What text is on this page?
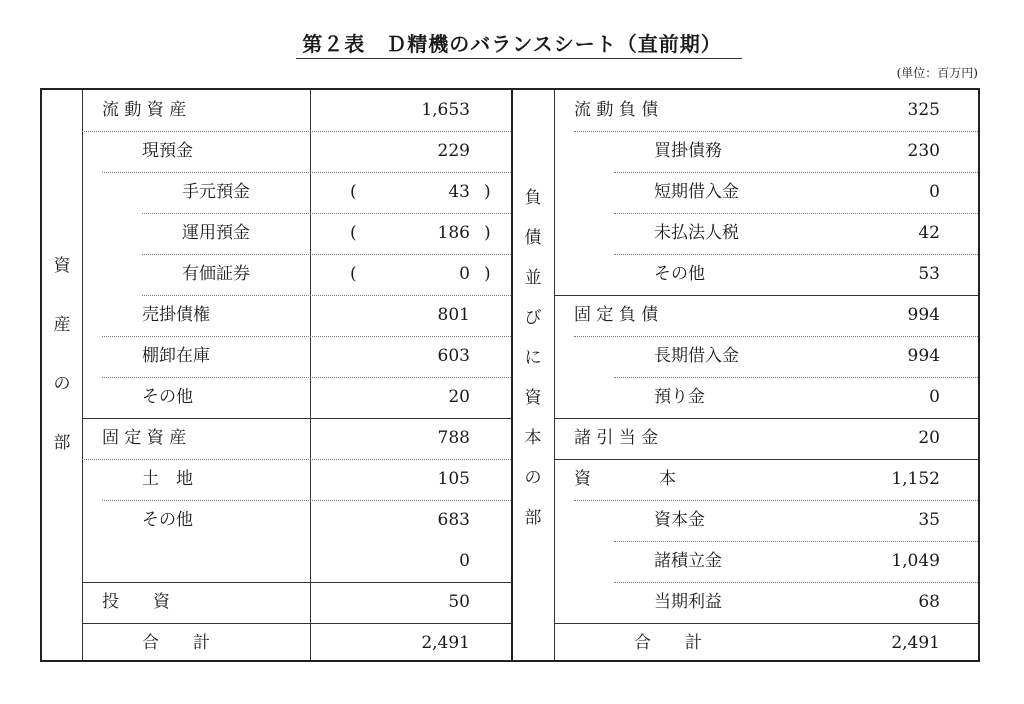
第２表　Ｄ精機のバランスシート（直前期）
(単位：百万円)
資
産
の
部
負
債
並
び
に
資
本
の
部
流 動 資 産	1,653
現預金	229
手元預金	(	43 )
運用預金	(	186 )
有価証券	(	0 )
売掛債権	801
棚卸在庫	603
その他	20
固 定 資 産	788
土　地	105
その他	683
0
投　　資	50
合　　計	2,491
流 動 負 債	325
買掛債務	230
短期借入金	0
未払法人税	42
その他	53
固 定 負 債	994
長期借入金	994
預り金	0
諸 引 当 金	20
資　　　　本	1,152
資本金	35
諸積立金	1,049
当期利益	68
合　　計	2,491
